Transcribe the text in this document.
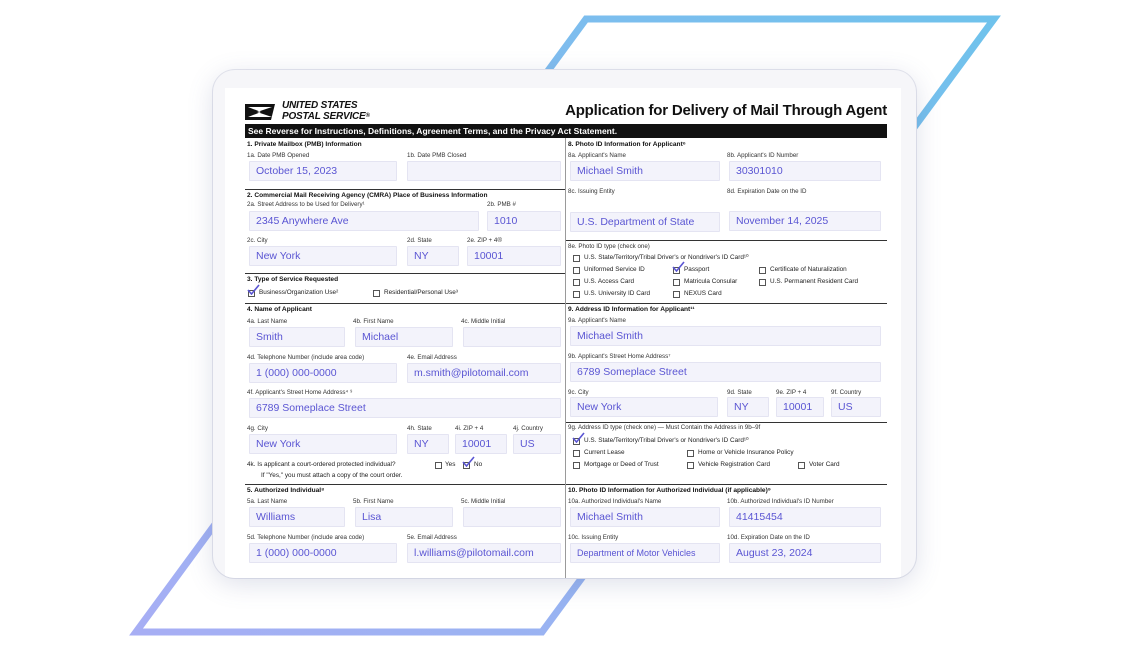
UNITED STATES
POSTAL SERVICE®	Application for Delivery of Mail Through Agent
See Reverse for Instructions, Definitions, Agreement Terms, and the Privacy Act Statement.
1. Private Mailbox (PMB) Information
1a. Date PMB Opened
October 15, 2023
1b. Date PMB Closed
2. Commercial Mail Receiving Agency (CMRA) Place of Business Information
2a. Street Address to be Used for Delivery¹
2345 Anywhere Ave
2b. PMB #
1010
2c. City
New York
2d. State
NY
2e. ZIP + 4®
10001
3. Type of Service Requested
Business/Organization Use²	Residential/Personal Use³
4. Name of Applicant
4a. Last Name
Smith
4b. First Name
Michael
4c. Middle Initial
4d. Telephone Number (include area code)
1 (000) 000-0000
4e. Email Address
m.smith@pilotomail.com
4f. Applicant's Street Home Address⁴ ⁹
6789 Someplace Street
4g. City
New York
4h. State
NY
4i. ZIP + 4
10001
4j. Country
US
4k. Is applicant a court-ordered protected individual?	Yes	No
If "Yes," you must attach a copy of the court order.
5. Authorized Individual⁸
5a. Last Name
Williams
5b. First Name
Lisa
5c. Middle Initial
5d. Telephone Number (include area code)
1 (000) 000-0000
5e. Email Address
l.williams@pilotomail.com
8. Photo ID Information for Applicant⁶
8a. Applicant's Name
Michael Smith
8b. Applicant's ID Number
30301010
8c. Issuing Entity
U.S. Department of State
8d. Expiration Date on the ID
November 14, 2025
8e. Photo ID type (check one)
U.S. State/Territory/Tribal Driver's or Nondriver's ID Card¹⁰
Uniformed Service ID	Passport	Certificate of Naturalization
U.S. Access Card	Matricula Consular	U.S. Permanent Resident Card
U.S. University ID Card	NEXUS Card
9. Address ID Information for Applicant¹¹
9a. Applicant's Name
Michael Smith
9b. Applicant's Street Home Address⁷
6789 Someplace Street
9c. City
New York
9d. State
NY
9e. ZIP + 4
10001
9f. Country
US
9g. Address ID type (check one) — Must Contain the Address in 9b–9f
U.S. State/Territory/Tribal Driver's or Nondriver's ID Card¹⁰
Current Lease	Home or Vehicle Insurance Policy
Mortgage or Deed of Trust	Vehicle Registration Card	Voter Card
10. Photo ID Information for Authorized Individual (if applicable)⁹
10a. Authorized Individual's Name
Michael Smith
10b. Authorized Individual's ID Number
41415454
10c. Issuing Entity
Department of Motor Vehicles
10d. Expiration Date on the ID
August 23, 2024
